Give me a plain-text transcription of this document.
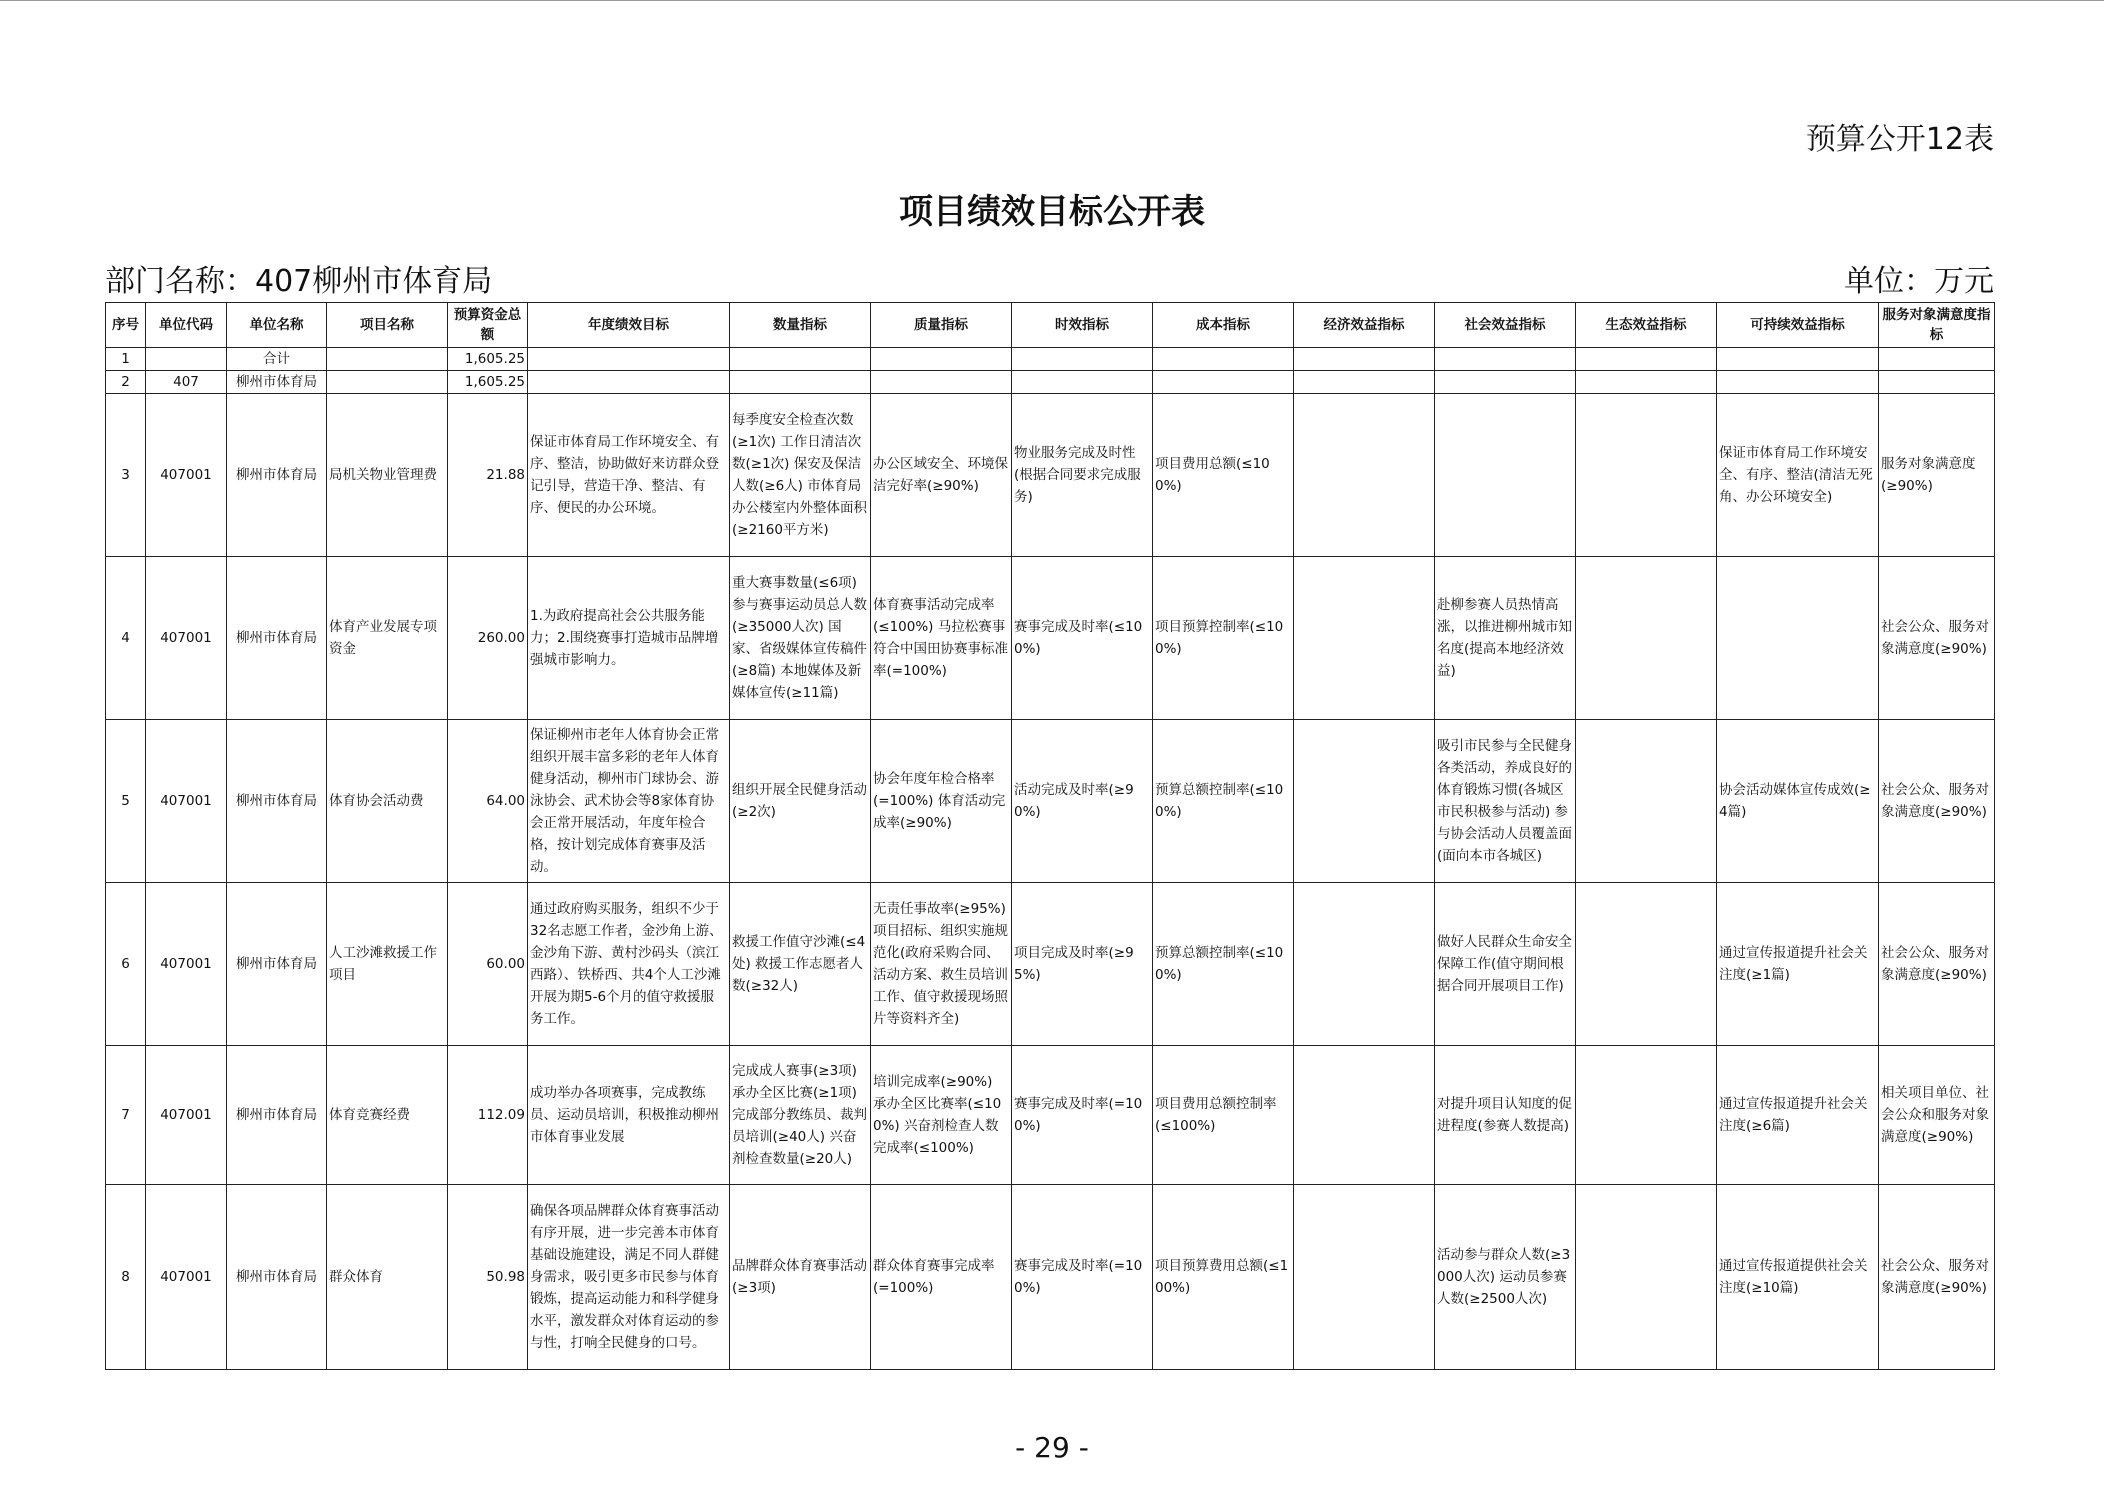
预算公开12表
项目绩效目标公开表
部门名称：407柳州市体育局	单位：万元
序号	单位代码	单位名称	项目名称	预算资金总额	年度绩效目标	数量指标	质量指标	时效指标	成本指标	经济效益指标	社会效益指标	生态效益指标	可持续效益指标	服务对象满意度指标
1		合计		1,605.25										
2	407	柳州市体育局		1,605.25										
3	407001	柳州市体育局	局机关物业管理费	21.88	保证市体育局工作环境安全、有序、整洁，协助做好来访群众登记引导，营造干净、整洁、有序、便民的办公环境。	每季度安全检查次数(≥1次) 工作日清洁次数(≥1次) 保安及保洁人数(≥6人) 市体育局办公楼室内外整体面积(≥2160平方米)	办公区域安全、环境保洁完好率(≥90%)	物业服务完成及时性(根据合同要求完成服务)	项目费用总额(≤100%)				保证市体育局工作环境安全、有序、整洁(清洁无死角、办公环境安全)	服务对象满意度(≥90%)
4	407001	柳州市体育局	体育产业发展专项资金	260.00	1.为政府提高社会公共服务能力；2.围绕赛事打造城市品牌增强城市影响力。	重大赛事数量(≤6项) 参与赛事运动员总人数(≥35000人次) 国家、省级媒体宣传稿件(≥8篇) 本地媒体及新媒体宣传(≥11篇)	体育赛事活动完成率(≤100%) 马拉松赛事符合中国田协赛事标准率(=100%)	赛事完成及时率(≤100%)	项目预算控制率(≤100%)		赴柳参赛人员热情高涨，以推进柳州城市知名度(提高本地经济效益)			社会公众、服务对象满意度(≥90%)
5	407001	柳州市体育局	体育协会活动费	64.00	保证柳州市老年人体育协会正常组织开展丰富多彩的老年人体育健身活动，柳州市门球协会、游泳协会、武术协会等8家体育协会正常开展活动，年度年检合格，按计划完成体育赛事及活动。	组织开展全民健身活动(≥2次)	协会年度年检合格率(=100%) 体育活动完成率(≥90%)	活动完成及时率(≥90%)	预算总额控制率(≤100%)		吸引市民参与全民健身各类活动，养成良好的体育锻炼习惯(各城区市民积极参与活动) 参与协会活动人员覆盖面(面向本市各城区)		协会活动媒体宣传成效(≥4篇)	社会公众、服务对象满意度(≥90%)
6	407001	柳州市体育局	人工沙滩救援工作项目	60.00	通过政府购买服务，组织不少于32名志愿工作者，金沙角上游、金沙角下游、黄村沙码头（滨江西路）、铁桥西、共4个人工沙滩开展为期5-6个月的值守救援服务工作。	救援工作值守沙滩(≤4处) 救援工作志愿者人数(≥32人)	无责任事故率(≥95%) 项目招标、组织实施规范化(政府采购合同、活动方案、救生员培训工作、值守救援现场照片等资料齐全)	项目完成及时率(≥95%)	预算总额控制率(≤100%)		做好人民群众生命安全保障工作(值守期间根据合同开展项目工作)		通过宣传报道提升社会关注度(≥1篇)	社会公众、服务对象满意度(≥90%)
7	407001	柳州市体育局	体育竞赛经费	112.09	成功举办各项赛事，完成教练员、运动员培训，积极推动柳州市体育事业发展	完成成人赛事(≥3项) 承办全区比赛(≥1项) 完成部分教练员、裁判员培训(≥40人) 兴奋剂检查数量(≥20人)	培训完成率(≥90%) 承办全区比赛率(≤100%) 兴奋剂检查人数完成率(≤100%)	赛事完成及时率(=100%)	项目费用总额控制率(≤100%)		对提升项目认知度的促进程度(参赛人数提高)		通过宣传报道提升社会关注度(≥6篇)	相关项目单位、社会公众和服务对象满意度(≥90%)
8	407001	柳州市体育局	群众体育	50.98	确保各项品牌群众体育赛事活动有序开展，进一步完善本市体育基础设施建设，满足不同人群健身需求，吸引更多市民参与体育锻炼，提高运动能力和科学健身水平，激发群众对体育运动的参与性，打响全民健身的口号。	品牌群众体育赛事活动(≥3项)	群众体育赛事完成率(=100%)	赛事完成及时率(=100%)	项目预算费用总额(≤100%)		活动参与群众人数(≥3000人次) 运动员参赛人数(≥2500人次)		通过宣传报道提供社会关注度(≥10篇)	社会公众、服务对象满意度(≥90%)
- 29 -
